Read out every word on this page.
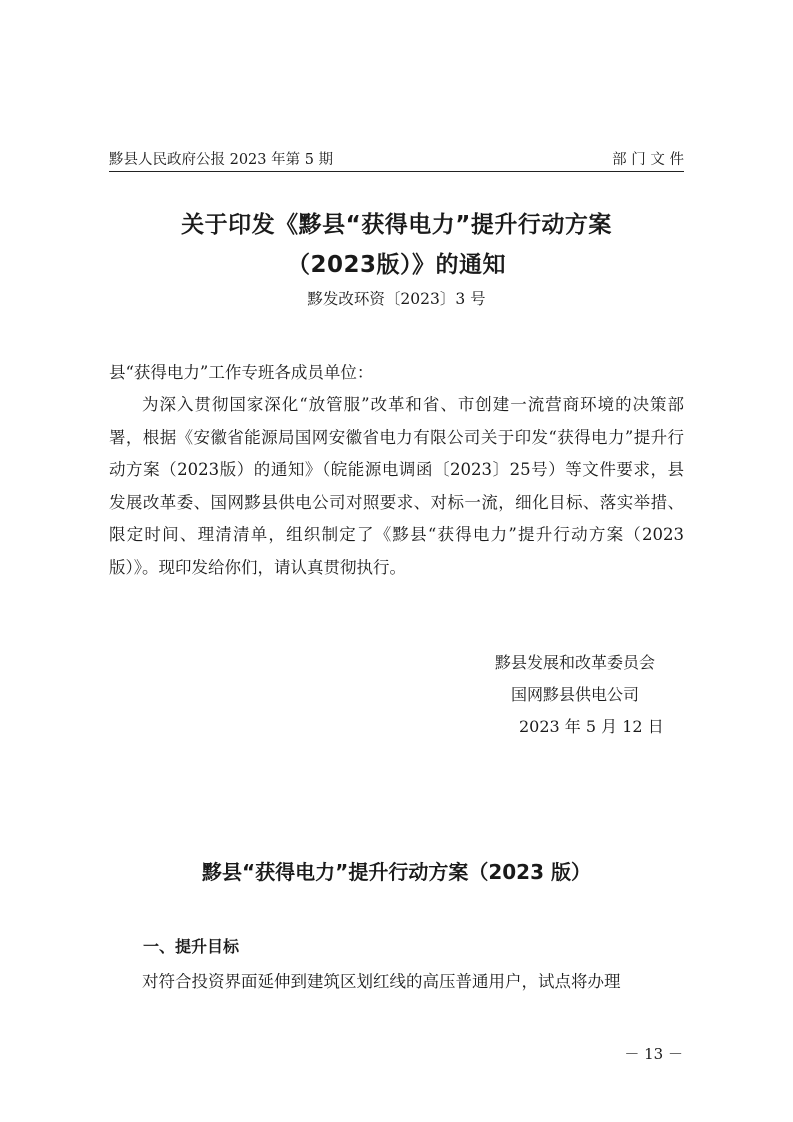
黟县人民政府公报 2023 年第 5 期	部 门 文 件
关于印发《黟县“获得电力”提升行动方案
（2023版）》的通知
黟发改环资〔2023〕3 号
县“获得电力”工作专班各成员单位：
为深入贯彻国家深化“放管服”改革和省、市创建一流营商环境的决策部署，根据《安徽省能源局国网安徽省电力有限公司关于印发“获得电力”提升行动方案（2023版）的通知》（皖能源电调函〔2023〕25号）等文件要求，县发展改革委、国网黟县供电公司对照要求、对标一流，细化目标、落实举措、限定时间、理清清单，组织制定了《黟县“获得电力”提升行动方案（2023版）》。现印发给你们，请认真贯彻执行。
黟县发展和改革委员会
国网黟县供电公司
2023 年 5 月 12 日
黟县“获得电力”提升行动方案（2023 版）
一、提升目标
对符合投资界面延伸到建筑区划红线的高压普通用户，试点将办理
－ 13 －
